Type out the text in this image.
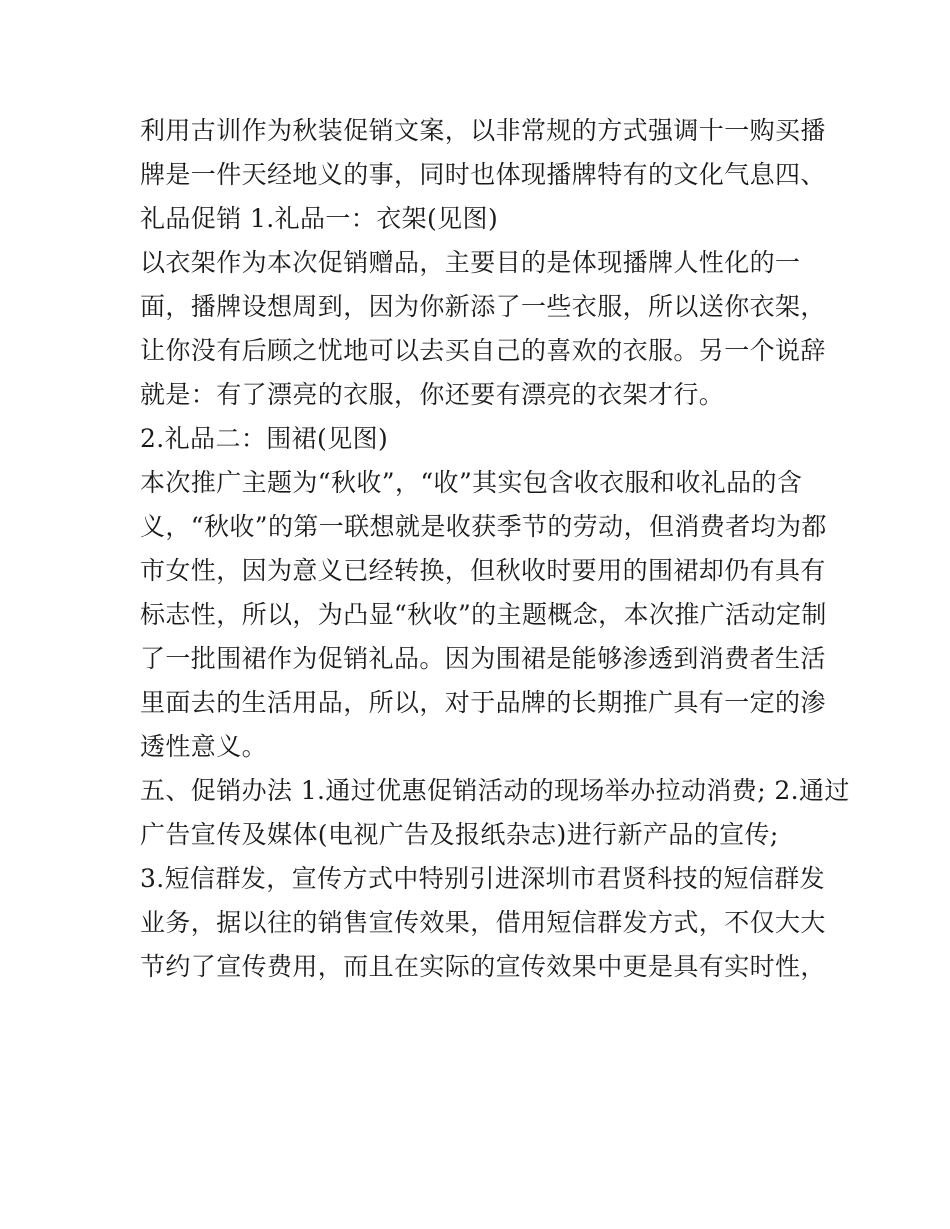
利用古训作为秋装促销文案，以非常规的方式强调十一购买播
牌是一件天经地义的事，同时也体现播牌特有的文化气息四、
礼品促销 1.礼品一：衣架(见图)
以衣架作为本次促销赠品，主要目的是体现播牌人性化的一
面，播牌设想周到，因为你新添了一些衣服，所以送你衣架，
让你没有后顾之忧地可以去买自己的喜欢的衣服。另一个说辞
就是：有了漂亮的衣服，你还要有漂亮的衣架才行。
2.礼品二：围裙(见图)
本次推广主题为“秋收”，“收”其实包含收衣服和收礼品的含
义，“秋收”的第一联想就是收获季节的劳动，但消费者均为都
市女性，因为意义已经转换，但秋收时要用的围裙却仍有具有
标志性，所以，为凸显“秋收”的主题概念，本次推广活动定制
了一批围裙作为促销礼品。因为围裙是能够渗透到消费者生活
里面去的生活用品，所以，对于品牌的长期推广具有一定的渗
透性意义。
五、促销办法 1.通过优惠促销活动的现场举办拉动消费; 2.通过
广告宣传及媒体(电视广告及报纸杂志)进行新产品的宣传;
3.短信群发，宣传方式中特别引进深圳市君贤科技的短信群发
业务，据以往的销售宣传效果，借用短信群发方式，不仅大大
节约了宣传费用，而且在实际的宣传效果中更是具有实时性，
